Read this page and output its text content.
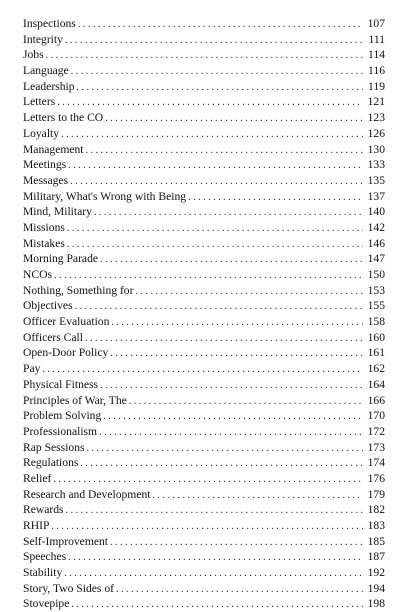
Inspections . . .	107
Integrity . . .	111
Jobs . . .	114
Language . . .	116
Leadership . . .	119
Letters . . .	121
Letters to the CO . . .	123
Loyalty . . .	126
Management . . .	130
Meetings . . .	133
Messages . . .	135
Military, What's Wrong with Being . . .	137
Mind, Military . . .	140
Missions . . .	142
Mistakes . . .	146
Morning Parade . . .	147
NCOs . . .	150
Nothing, Something for . . .	153
Objectives . . .	155
Officer Evaluation . . .	158
Officers Call . . .	160
Open-Door Policy . . .	161
Pay . . .	162
Physical Fitness . . .	164
Principles of War, The . . .	166
Problem Solving . . .	170
Professionalism . . .	172
Rap Sessions . . .	173
Regulations . . .	174
Relief . . .	176
Research and Development . . .	179
Rewards . . .	182
RHIP . . .	183
Self-Improvement . . .	185
Speeches . . .	187
Stability . . .	192
Story, Two Sides of . . .	194
Stovepipe . . .	198
